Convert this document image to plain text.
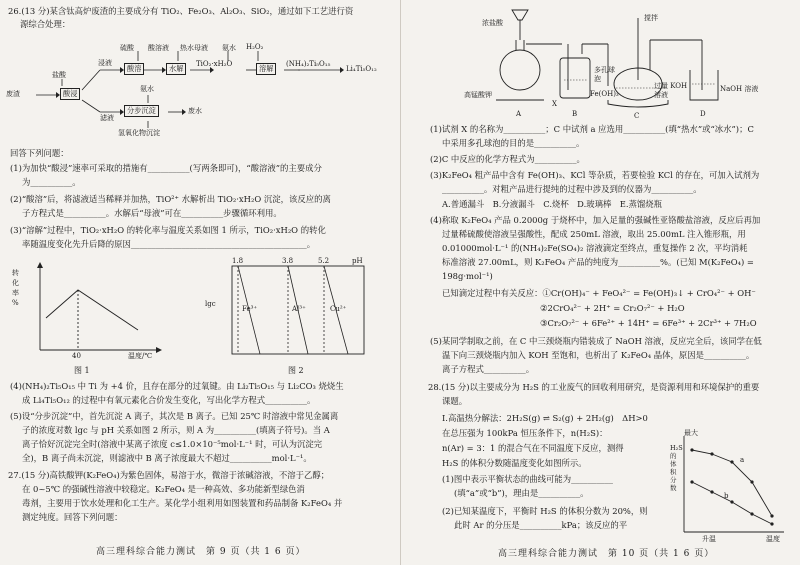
26.(13 分)某含钛高炉废渣的主要成分有 TiO₂、Fe₂O₃、Al₂O₃、SiO₂，通过如下工艺进行资
源综合处理：
废渣
盐酸
酸浸
浸液
滤液
硫酸 酸溶液 热水母液 氨水 H₂O₂
酸溶	水解	TiO₂·xH₂O	溶解	(NH₄)₂Ti₅O₁₅
Li₄Ti₅O₁₂
氨水
分步沉淀	废水
氢氧化物沉淀
回答下列问题：
(1)为加快“酸浸”速率可采取的措施有__________(写两条即可)，“酸溶液”的主要成分
为__________。
(2)“酸溶”后，将滤液适当稀释并加热，TiO²⁺ 水解析出 TiO₂·xH₂O 沉淀，该反应的离
子方程式是__________。水解后“母液”可在__________步骤循环利用。
(3)“溶解”过程中，TiO₂·xH₂O 的转化率与温度关系如图 1 所示，TiO₂·xH₂O 的转化
率随温度变化先升后降的原因__________________________________________。
转
化
率
%
40	温度/℃
图 1
1.8	3.8	5.2	pH
lgc
Fe³⁺	Al³⁺	Cu²⁺
图 2
(4)(NH₄)₂Ti₅O₁₅ 中 Ti 为 +4 价，且存在部分的过氧键。由 Li₂Ti₅O₁₅ 与 Li₂CO₃ 烧烧生
成 Li₄Ti₅O₁₂ 的过程中有氧元素化合价发生变化，写出化学方程式__________。
(5)设“分步沉淀”中，首先沉淀 A 离子，其次是 B 离子。已知 25℃ 时溶液中常见金属离
子的浓度对数 lgc 与 pH 关系如图 2 所示，则 A 为__________(填离子符号)。当 A
离子恰好沉淀完全时(溶液中某离子浓度 c≤1.0×10⁻⁵mol·L⁻¹ 时，可认为沉淀完
全)，B 离子尚未沉淀，则滤液中 B 离子浓度最大不超过__________mol·L⁻¹。
27.(15 分)高铁酸钾(K₂FeO₄)为紫色固体，易溶于水，微溶于浓碱溶液，不溶于乙醇；
在 0~5℃ 的强碱性溶液中较稳定。K₂FeO₄ 是一种高效、多功能新型绿色消
毒剂，主要用于饮水处理和化工生产。某化学小组利用如图装置和药品制备 K₂FeO₄ 并
测定纯度。回答下列问题：
高三理科综合能力测试　第 9 页（共 1 6 页）
浓盐酸
高锰酸钾
搅拌
多孔球泡
过量 KOH 溶液
NaOH 溶液
Fe(OH)₃
A	B	C	D
X
(1)试剂 X 的名称为__________；C 中试剂 a 应选用__________(填“热水”或“冰水”)；C
中采用多孔球泡的目的是__________。
(2)C 中反应的化学方程式为__________。
(3)K₂FeO₄ 粗产品中含有 Fe(OH)₃、KCl 等杂质，若要检验 KCl 的存在，可加入试剂为
__________。对粗产品进行提纯的过程中涉及到的仪器为__________。
A.普通漏斗　B.分液漏斗　C.烧杯　D.玻璃棒　E.蒸馏烧瓶
(4)称取 K₂FeO₄ 产品 0.2000g 于烧杯中，加入足量的强碱性亚铬酸盐溶液，反应后再加
过量稀硫酸使溶液呈强酸性，配成 250mL 溶液，取出 25.00mL 注入锥形瓶，用
0.01000mol·L⁻¹ 的(NH₄)₂Fe(SO₄)₂ 溶液滴定至终点，重复操作 2 次，平均消耗
标准溶液 27.00mL，则 K₂FeO₄ 产品的纯度为__________%。(已知 M(K₂FeO₄) =
198g·mol⁻¹)
已知滴定过程中有关反应：①Cr(OH)₄⁻ + FeO₄²⁻ = Fe(OH)₃↓ + CrO₄²⁻ + OH⁻
②2CrO₄²⁻ + 2H⁺ = Cr₂O₇²⁻ + H₂O
③Cr₂O₇²⁻ + 6Fe²⁺ + 14H⁺ = 6Fe³⁺ + 2Cr³⁺ + 7H₂O
(5)某同学制取之前，在 C 中三颈烧瓶内错装成了 NaOH 溶液，反应完全后，该同学在低
温下向三颈烧瓶内加入 KOH 至饱和，也析出了 K₂FeO₄ 晶体，原因是__________。
离子方程式__________。
28.(15 分)以主要成分为 H₂S 的工业废气的回收利用研究，是资源利用和环境保护的重要
课题。
Ⅰ.高温热分解法：2H₂S(g) ⇌ S₂(g) + 2H₂(g)　ΔH>0
在总压强为 100kPa 恒压条件下，n(H₂S)：
n(Ar) = 3：1 的混合气在不同温度下反应，测得
H₂S 的体积分数随温度变化如图所示。
(1)图中表示平衡状态的曲线可能为__________
(填“a”或“b”)，理由是__________。
(2)已知某温度下，平衡时 H₂S 的体积分数为 20%，则
此时 Ar 的分压是__________kPa；该反应的平
H₂S的体积分数
a
b
温度
升温
最大
高三理科综合能力测试　第 10 页（共 1 6 页）
